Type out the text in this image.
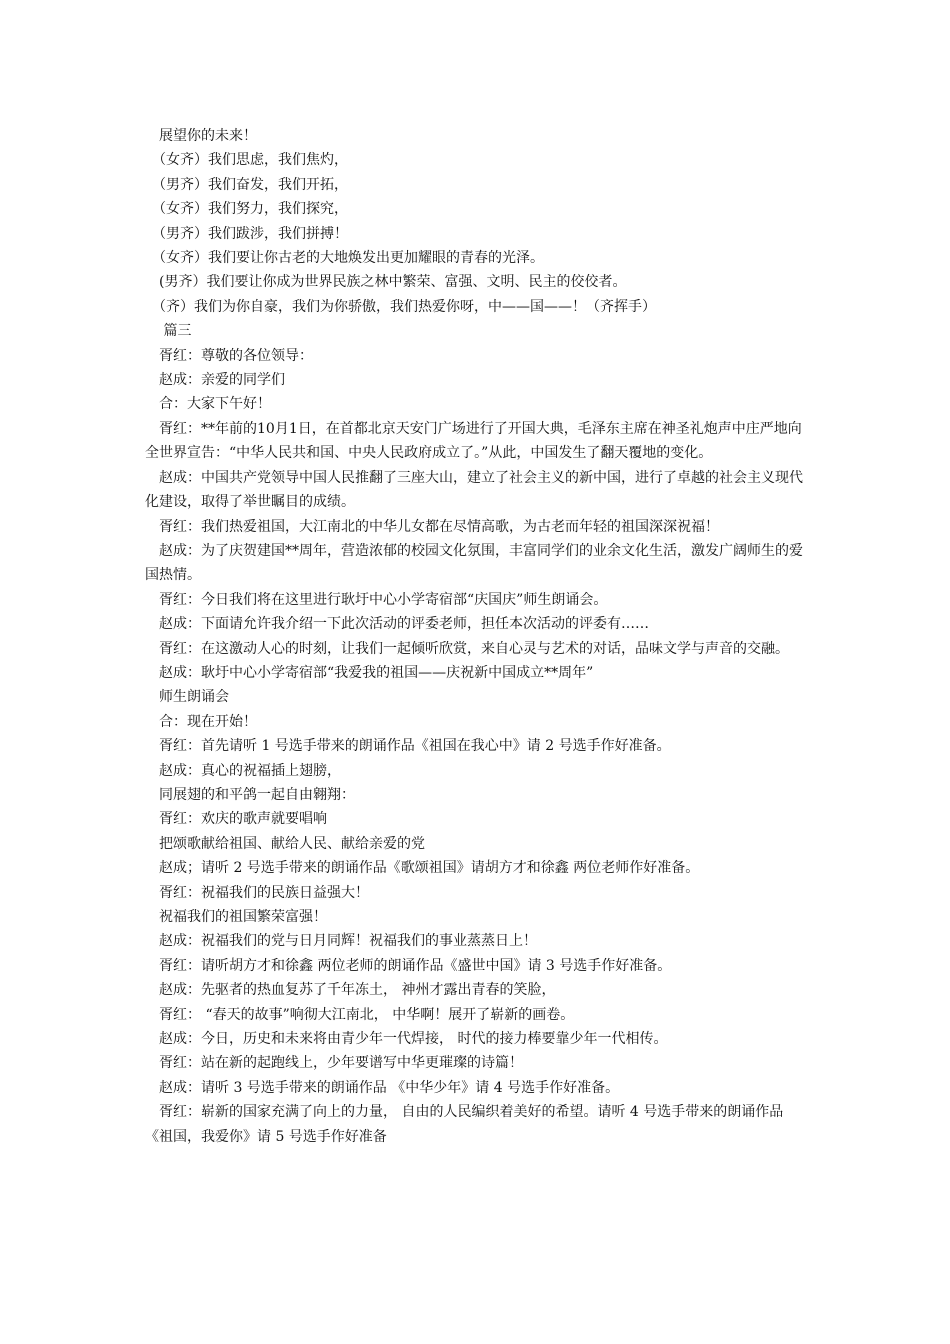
　展望你的未来！
　（女齐）我们思虑，我们焦灼，
　（男齐）我们奋发，我们开拓，
　（女齐）我们努力，我们探究，
　（男齐）我们跋涉，我们拼搏！
　（女齐）我们要让你古老的大地焕发出更加耀眼的青春的光泽。
　(男齐）我们要让你成为世界民族之林中繁荣、富强、文明、民主的佼佼者。
　（齐）我们为你自豪，我们为你骄傲，我们热爱你呀，中——国——！（齐挥手）
　 篇三
　胥红：尊敬的各位领导：
　赵成：亲爱的同学们
　合：大家下午好！
　胥红：**年前的10月1日，在首都北京天安门广场进行了开国大典，毛泽东主席在神圣礼炮声中庄严地向全世界宣告：“中华人民共和国、中央人民政府成立了。”从此，中国发生了翻天覆地的变化。
　赵成：中国共产党领导中国人民推翻了三座大山，建立了社会主义的新中国，进行了卓越的社会主义现代化建设，取得了举世瞩目的成绩。
　胥红：我们热爱祖国，大江南北的中华儿女都在尽情高歌，为古老而年轻的祖国深深祝福！
　赵成：为了庆贺建国**周年，营造浓郁的校园文化氛围，丰富同学们的业余文化生活，激发广阔师生的爱国热情。
　胥红：今日我们将在这里进行耿圩中心小学寄宿部“庆国庆”师生朗诵会。
　赵成：下面请允许我介绍一下此次活动的评委老师，担任本次活动的评委有……
　胥红：在这激动人心的时刻，让我们一起倾听欣赏，来自心灵与艺术的对话，品味文学与声音的交融。
　赵成：耿圩中心小学寄宿部“我爱我的祖国——庆祝新中国成立**周年”
　师生朗诵会
　合：现在开始！
　胥红：首先请听 1 号选手带来的朗诵作品《祖国在我心中》请 2 号选手作好准备。
　赵成：真心的祝福插上翅膀，
　同展翅的和平鸽一起自由翱翔：
　胥红：欢庆的歌声就要唱响
　把颂歌献给祖国、献给人民、献给亲爱的党
　赵成；请听 2 号选手带来的朗诵作品《歌颂祖国》请胡方才和徐鑫 两位老师作好准备。
　胥红：祝福我们的民族日益强大！
　祝福我们的祖国繁荣富强！
　赵成：祝福我们的党与日月同辉！祝福我们的事业蒸蒸日上！
　胥红：请听胡方才和徐鑫 两位老师的朗诵作品《盛世中国》请 3 号选手作好准备。
　赵成：先驱者的热血复苏了千年冻土， 神州才露出青春的笑脸，
　胥红： “春天的故事”响彻大江南北， 中华啊！展开了崭新的画卷。
　赵成：今日，历史和未来将由青少年一代焊接， 时代的接力棒要靠少年一代相传。
　胥红：站在新的起跑线上，少年要谱写中华更璀璨的诗篇！
　赵成：请听 3 号选手带来的朗诵作品 《中华少年》请 4 号选手作好准备。
　胥红：崭新的国家充满了向上的力量， 自由的人民编织着美好的希望。请听 4 号选手带来的朗诵作品《祖国，我爱你》请 5 号选手作好准备
